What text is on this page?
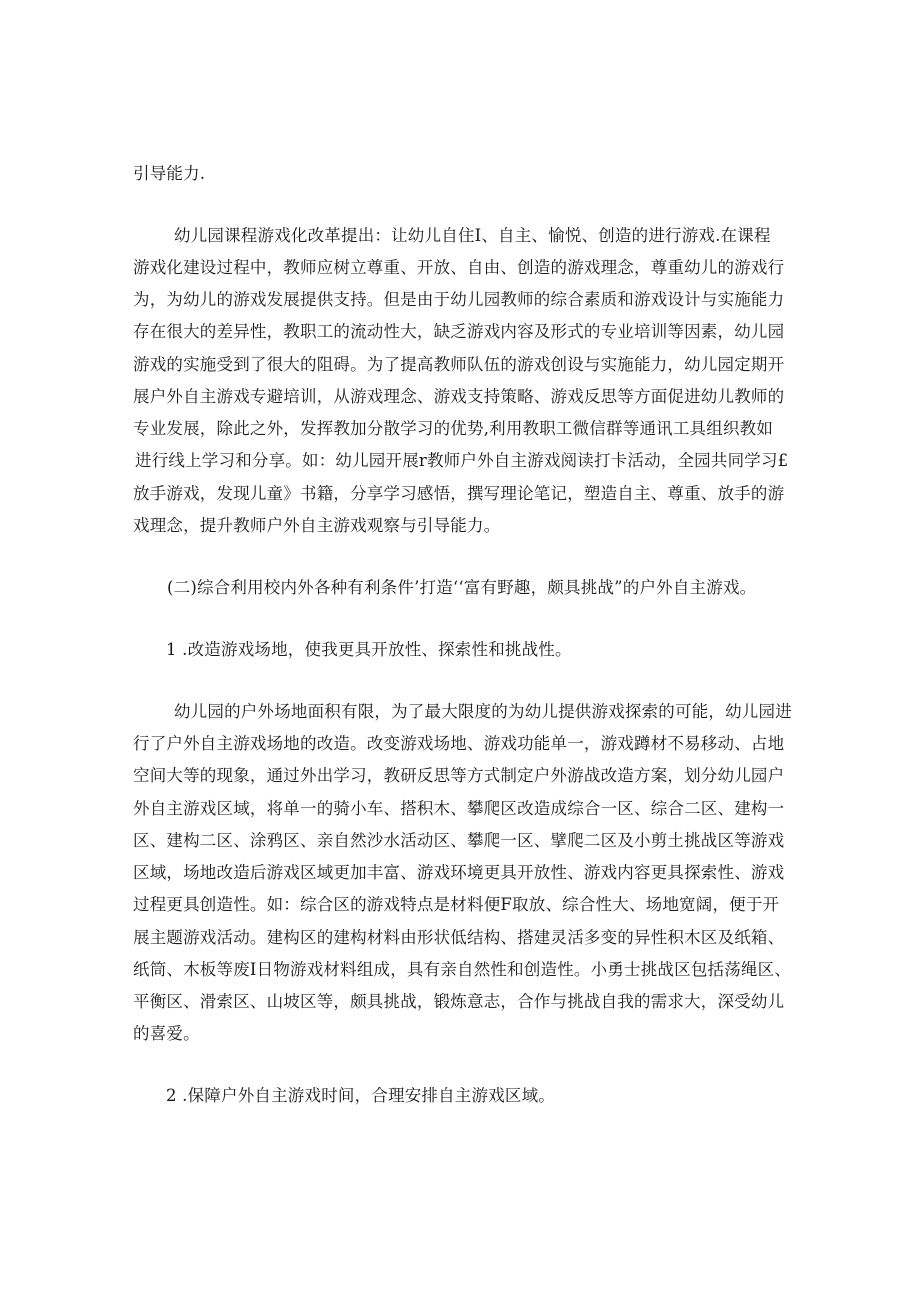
引导能力.
幼儿园课程游戏化改革提出：让幼儿自住I、自主、愉悦、创造的进行游戏.在课程
游戏化建设过程中，教师应树立尊重、开放、自由、创造的游戏理念，尊重幼儿的游戏行
为，为幼儿的游戏发展提供支持。但是由于幼儿园教师的综合素质和游戏设计与实施能力
存在很大的差异性，教职工的流动性大，缺乏游戏内容及形式的专业培训等因素，幼儿园
游戏的实施受到了很大的阻碍。为了提高教师队伍的游戏创设与实施能力，幼儿园定期开
展户外自主游戏专避培训，从游戏理念、游戏支持策略、游戏反思等方面促进幼儿教师的
专业发展，除此之外，发挥教加分散学习的优势,利用教职工微信群等通讯工具组织教如
进行线上学习和分享。如：幼儿园开展r教师户外自主游戏阅读打卡活动，全园共同学习£
放手游戏，发现儿童》书籍，分享学习感悟，撰写理论笔记，塑造自主、尊重、放手的游
戏理念，提升教师户外自主游戏观察与引导能力。
(二)综合利用校内外各种有利条件’打造‘‘富有野趣，颇具挑战”的户外自主游戏。
1 .改造游戏场地，使我更具开放性、探索性和挑战性。
幼儿园的户外场地面积有限，为了最大限度的为幼儿提供游戏探索的可能，幼儿园进
行了户外自主游戏场地的改造。改变游戏场地、游戏功能单一，游戏蹲材不易移动、占地
空间大等的现象，通过外出学习，教研反思等方式制定户外游战改造方案，划分幼儿园户
外自主游戏区域，将单一的骑小车、搭积木、攀爬区改造成综合一区、综合二区、建构一
区、建构二区、涂鸦区、亲自然沙水活动区、攀爬一区、擘爬二区及小剪土挑战区等游戏
区域，场地改造后游戏区域更加丰富、游戏环境更具开放性、游戏内容更具探索性、游戏
过程更具创造性。如：综合区的游戏特点是材料便F取放、综合性大、场地宽阔，便于开
展主题游戏活动。建构区的建构材料由形状低结构、搭建灵活多变的异性积木区及纸箱、
纸筒、木板等废I日物游戏材料组成，具有亲自然性和创造性。小勇士挑战区包括荡绳区、
平衡区、滑索区、山坡区等，颇具挑战，锻炼意志，合作与挑战自我的需求大，深受幼儿
的喜爱。
2 .保障户外自主游戏时间，合理安排自主游戏区域。
